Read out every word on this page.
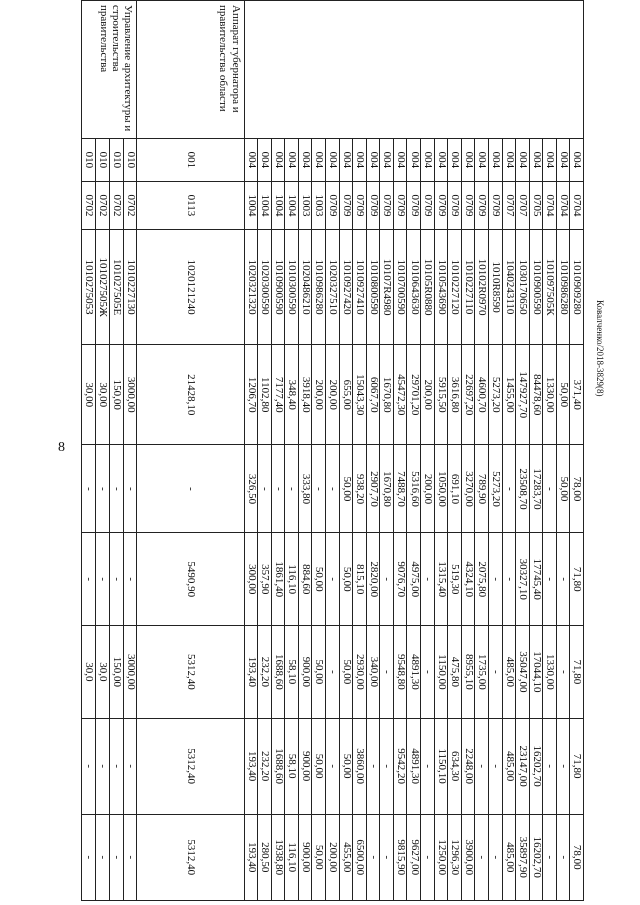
8
Ковалченко/2018-3829(8)
	004	0704	1010909280	371,40	78,00	71,80	71,80	71,80	78,00
	004	0704	1010986280	50,00	50,00	-	-	-	-
	004	0704	101097505К	1330,00	-	-	1330,00	-	-
	004	0705	1010900590	84478,60	17283,70	17745,40	17044,10	16202,70	16202,70
	004	0707	1030170650	147927,70	23508,70	30327,10	35047,00	23147,00	35897,90
	004	0707	1040243110	1455,00	-	-	485,00	485,00	485,00
	004	0709	1010R8590	5273,20	5273,20	-	-	-	-
	004	0709	10102R0970	4600,70	789,90	2075,80	1735,00	-	-
	004	0709	1010227110	22697,20	3270,00	4324,10	8955,10	2248,00	3900,00
	004	0709	1010227120	3616,80	691,10	519,30	475,80	634,30	1296,30
	004	0709	1010543690	5915,50	1050,00	1315,40	1150,00	1150,10	1250,00
	004	0709	10105R0880	200,00	200,00	-	-	-	-
	004	0709	1010643630	29701,20	5316,60	4975,00	4891,30	4891,30	9627,00
	004	0709	1010700590	45472,30	7488,70	9076,70	9548,80	9542,20	9815,90
	004	0709	10107R4980	1670,80	1670,80	-	-	-	-
	004	0709	1010800590	6067,70	2907,70	2820,00	340,00	-	-
	004	0709	1010927410	15043,30	938,20	815,10	2930,00	3860,00	6500,00
	004	0709	1010927420	655,00	50,00	50,00	50,00	50,00	455,00
	004	0709	1020327510	200,00	-	-	-	-	200,00
	004	1003	1010986280	200,00	-	50,00	50,00	50,00	50,00
	004	1003	1020486210	3918,40	333,80	884,60	900,00	900,00	900,00
	004	1004	1010300590	348,40	-	116,10	58,10	58,10	116,10
	004	1004	1010900590	7177,40	-	1861,40	1688,60	1688,60	1938,80
	004	1004	1020300590	1102,80	-	357,90	232,20	232,20	280,50
	004	1004	1020321320	1206,70	326,50	300,00	193,40	193,40	193,40
Аппарат губернатора и правительства области	001	0113	1020121240	21428,10	-	5490,90	5312,40	5312,40	5312,40
Управление архитектуры и строительства правительства	010	0702	1010227130	3000,00	-	-	3000,00	-	-
	010	0702	101027505Е	150,00	-	-	150,00	-	-
	010	0702	101027505Ж	30,00	-	-	30,0	-	-
	010	0702	101027505З	30,00	-	-	30,0	-	-
